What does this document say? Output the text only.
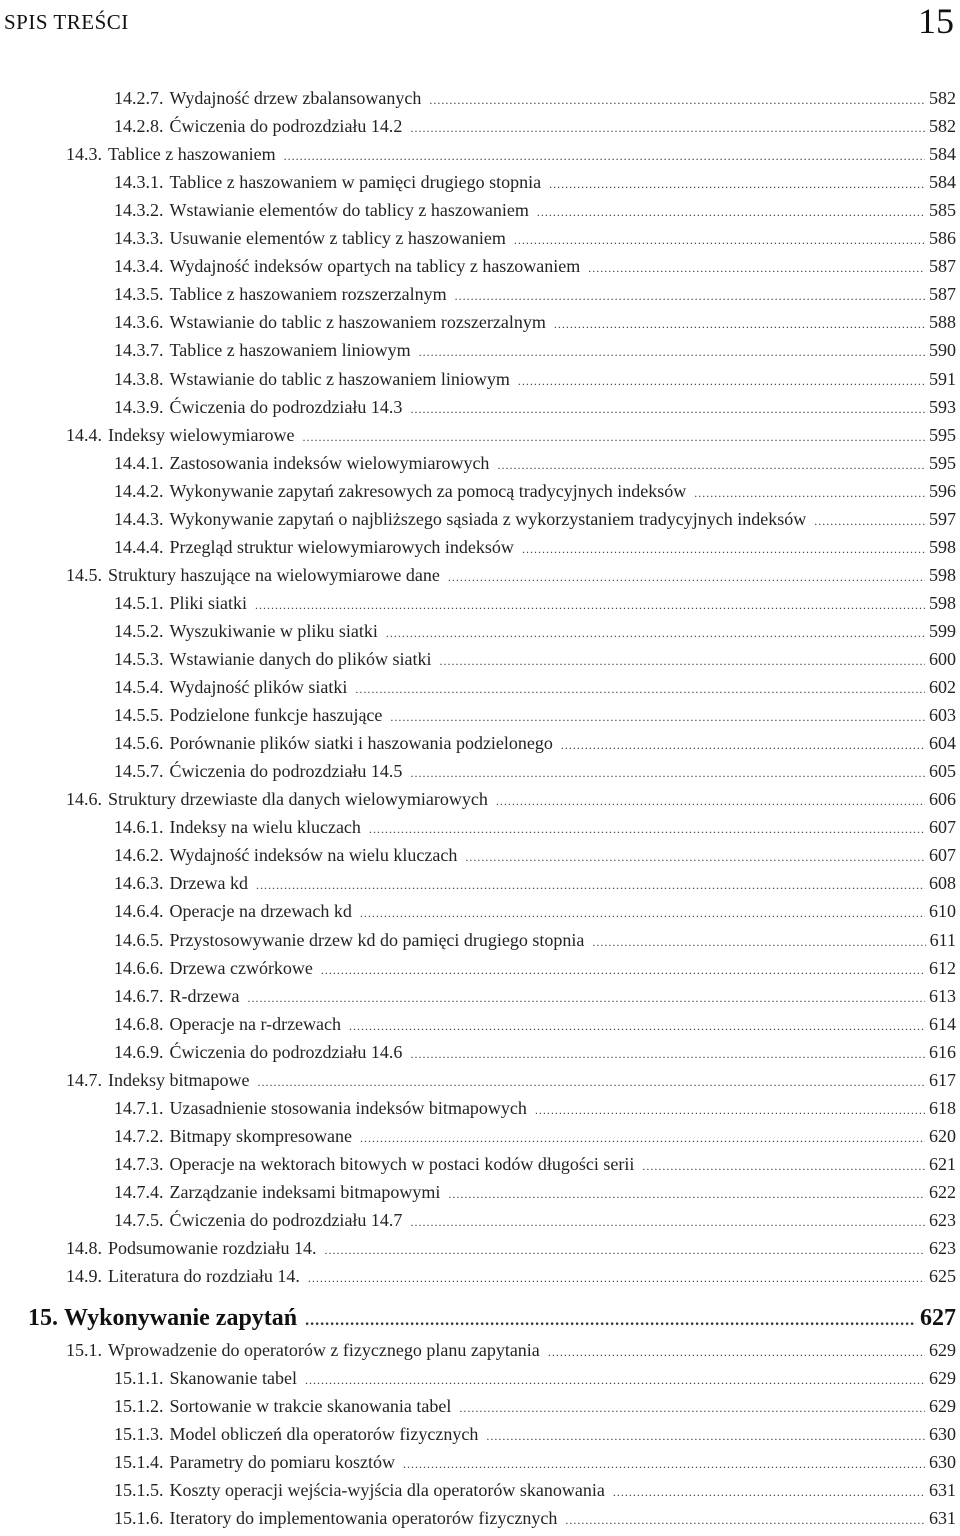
SPIS TREŚCI	15
14.2.7. Wydajność drzew zbalansowanych .....	582
14.2.8. Ćwiczenia do podrozdziału 14.2 .....	582
14.3. Tablice z haszowaniem .....	584
14.3.1. Tablice z haszowaniem w pamięci drugiego stopnia .....	584
14.3.2. Wstawianie elementów do tablicy z haszowaniem .....	585
14.3.3. Usuwanie elementów z tablicy z haszowaniem .....	586
14.3.4. Wydajność indeksów opartych na tablicy z haszowaniem .....	587
14.3.5. Tablice z haszowaniem rozszerzalnym .....	587
14.3.6. Wstawianie do tablic z haszowaniem rozszerzalnym .....	588
14.3.7. Tablice z haszowaniem liniowym .....	590
14.3.8. Wstawianie do tablic z haszowaniem liniowym .....	591
14.3.9. Ćwiczenia do podrozdziału 14.3 .....	593
14.4. Indeksy wielowymiarowe .....	595
14.4.1. Zastosowania indeksów wielowymiarowych .....	595
14.4.2. Wykonywanie zapytań zakresowych za pomocą tradycyjnych indeksów .....	596
14.4.3. Wykonywanie zapytań o najbliższego sąsiada z wykorzystaniem tradycyjnych indeksów .....	597
14.4.4. Przegląd struktur wielowymiarowych indeksów .....	598
14.5. Struktury haszujące na wielowymiarowe dane .....	598
14.5.1. Pliki siatki .....	598
14.5.2. Wyszukiwanie w pliku siatki .....	599
14.5.3. Wstawianie danych do plików siatki .....	600
14.5.4. Wydajność plików siatki .....	602
14.5.5. Podzielone funkcje haszujące .....	603
14.5.6. Porównanie plików siatki i haszowania podzielonego .....	604
14.5.7. Ćwiczenia do podrozdziału 14.5 .....	605
14.6. Struktury drzewiaste dla danych wielowymiarowych .....	606
14.6.1. Indeksy na wielu kluczach .....	607
14.6.2. Wydajność indeksów na wielu kluczach .....	607
14.6.3. Drzewa kd .....	608
14.6.4. Operacje na drzewach kd .....	610
14.6.5. Przystosowywanie drzew kd do pamięci drugiego stopnia .....	611
14.6.6. Drzewa czwórkowe .....	612
14.6.7. R-drzewa .....	613
14.6.8. Operacje na r-drzewach .....	614
14.6.9. Ćwiczenia do podrozdziału 14.6 .....	616
14.7. Indeksy bitmapowe .....	617
14.7.1. Uzasadnienie stosowania indeksów bitmapowych .....	618
14.7.2. Bitmapy skompresowane .....	620
14.7.3. Operacje na wektorach bitowych w postaci kodów długości serii .....	621
14.7.4. Zarządzanie indeksami bitmapowymi .....	622
14.7.5. Ćwiczenia do podrozdziału 14.7 .....	623
14.8. Podsumowanie rozdziału 14. .....	623
14.9. Literatura do rozdziału 14. .....	625
15. Wykonywanie zapytań .....	627
15.1. Wprowadzenie do operatorów z fizycznego planu zapytania .....	629
15.1.1. Skanowanie tabel .....	629
15.1.2. Sortowanie w trakcie skanowania tabel .....	629
15.1.3. Model obliczeń dla operatorów fizycznych .....	630
15.1.4. Parametry do pomiaru kosztów .....	630
15.1.5. Koszty operacji wejścia-wyjścia dla operatorów skanowania .....	631
15.1.6. Iteratory do implementowania operatorów fizycznych .....	631
